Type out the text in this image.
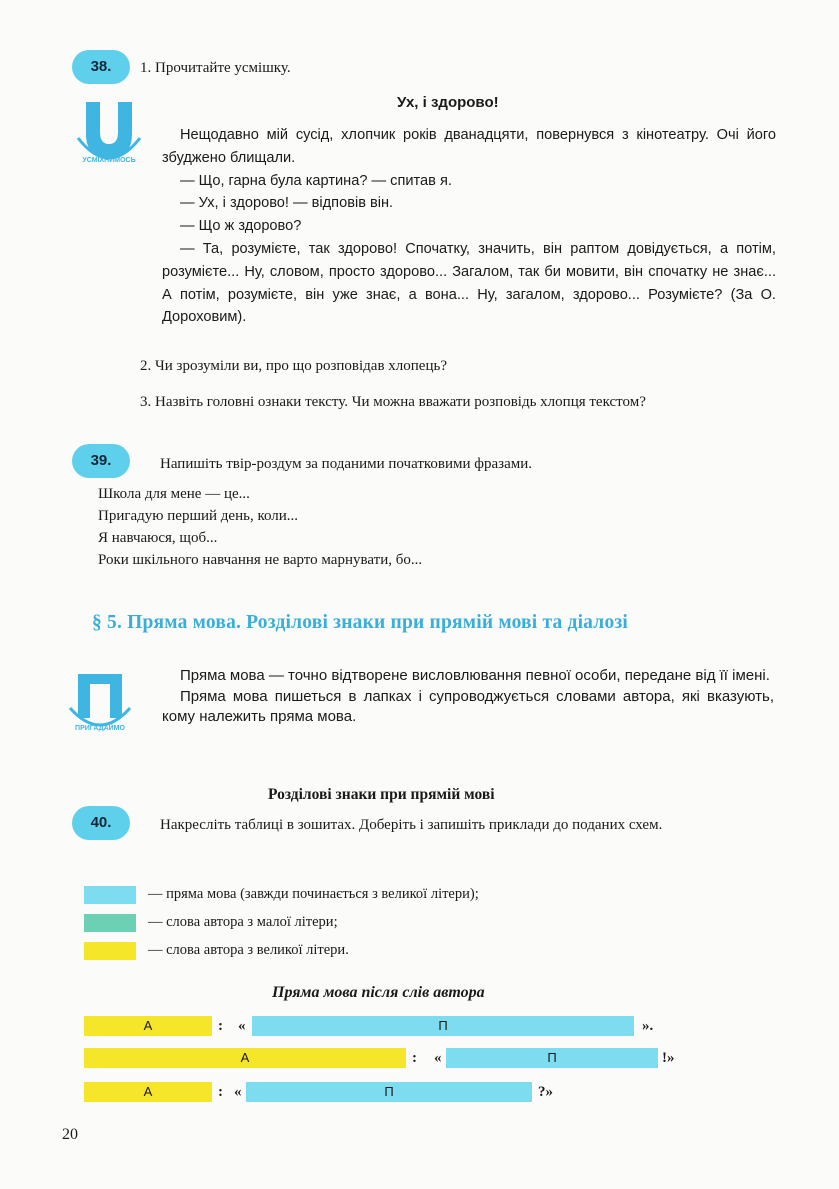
38.	1. Прочитайте усмішку.
УСМІХНИМОСЬ
Ух, і здорово!

Нещодавно мій сусід, хлопчик років дванадцяти, повернувся з кінотеатру. Очі його збуджено блищали.

— Що, гарна була картина? — спитав я.

— Ух, і здорово! — відповів він.

— Що ж здорово?

— Та, розумієте, так здорово! Спочатку, значить, він раптом довідується, а потім, розумієте... Ну, словом, просто здорово... Загалом, так би мовити, він спочатку не знає... А потім, розумієте, він уже знає, а вона... Ну, загалом, здорово... Розумієте? (За О. Дороховим).

2. Чи зрозуміли ви, про що розповідав хлопець?
3. Назвіть головні ознаки тексту. Чи можна вважати розповідь хлопця текстом?
39.	Напишіть твір-роздум за поданими початковими фразами.
Школа для мене — це...
Пригадую перший день, коли...
Я навчаюся, щоб...
Роки шкільного навчання не варто марнувати, бо...
§ 5. Пряма мова. Розділові знаки при прямій мові та діалозі
ПРИГАДАЙМО

Пряма мова — точно відтворене висловлювання певної особи, передане від її імені.

Пряма мова пишеться в лапках і супроводжується словами автора, які вказують, кому належить пряма мова.

Розділові знаки при прямій мові
40.	Накресліть таблиці в зошитах. Доберіть і запишіть приклади до поданих схем.
— пряма мова (завжди починається з великої літери);
— слова автора з малої літери;
— слова автора з великої літери.
Пряма мова після слів автора
А	: «	П	».
А	: «	П	!»
А	: «	П	?»
20
